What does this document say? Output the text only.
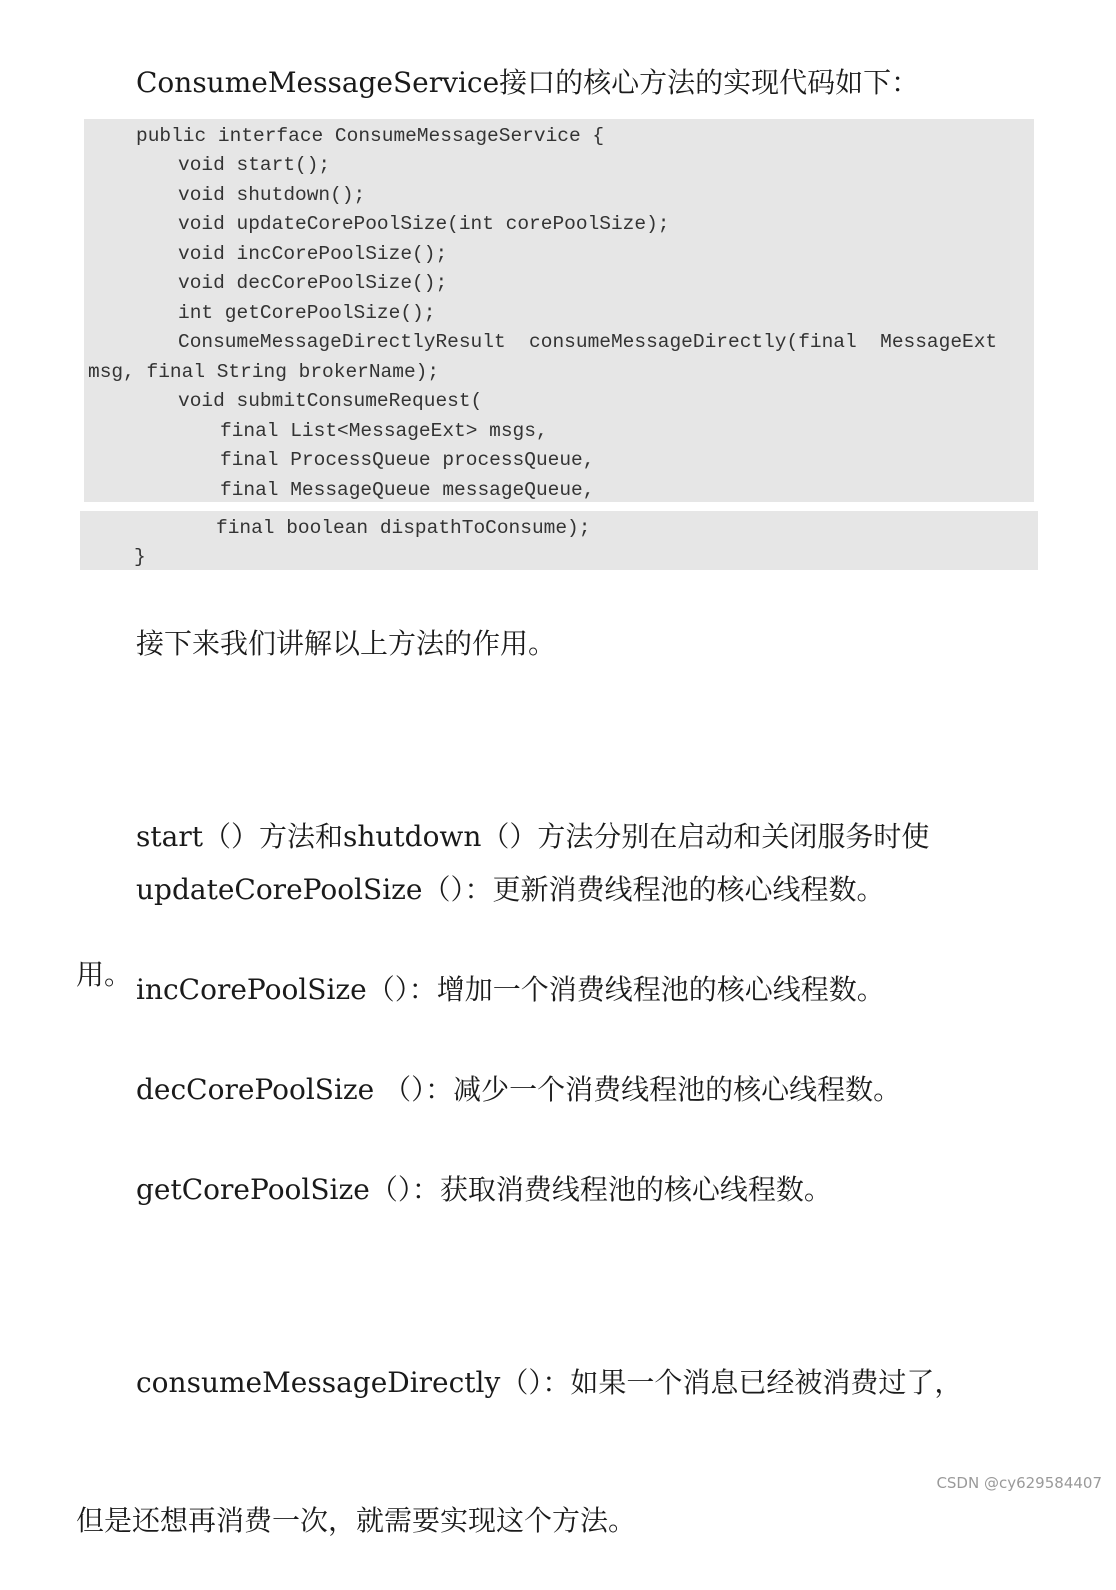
ConsumeMessageService接口的核心方法的实现代码如下：

public interface ConsumeMessageService {
void start();
void shutdown();
void updateCorePoolSize(int corePoolSize);
void incCorePoolSize();
void decCorePoolSize();
int getCorePoolSize();
ConsumeMessageDirectlyResult  consumeMessageDirectly(final  MessageExt
msg, final String brokerName);
void submitConsumeRequest(
final List<MessageExt> msgs,
final ProcessQueue processQueue,
final MessageQueue messageQueue,
final boolean dispathToConsume);
}

接下来我们讲解以上方法的作用。

start（）方法和shutdown（）方法分别在启动和关闭服务时使

用。

updateCorePoolSize（）：更新消费线程池的核心线程数。

incCorePoolSize（）：增加一个消费线程池的核心线程数。

decCorePoolSize （）：减少一个消费线程池的核心线程数。

getCorePoolSize（）：获取消费线程池的核心线程数。

consumeMessageDirectly（）：如果一个消息已经被消费过了，

但是还想再消费一次，就需要实现这个方法。

CSDN @cy629584407
